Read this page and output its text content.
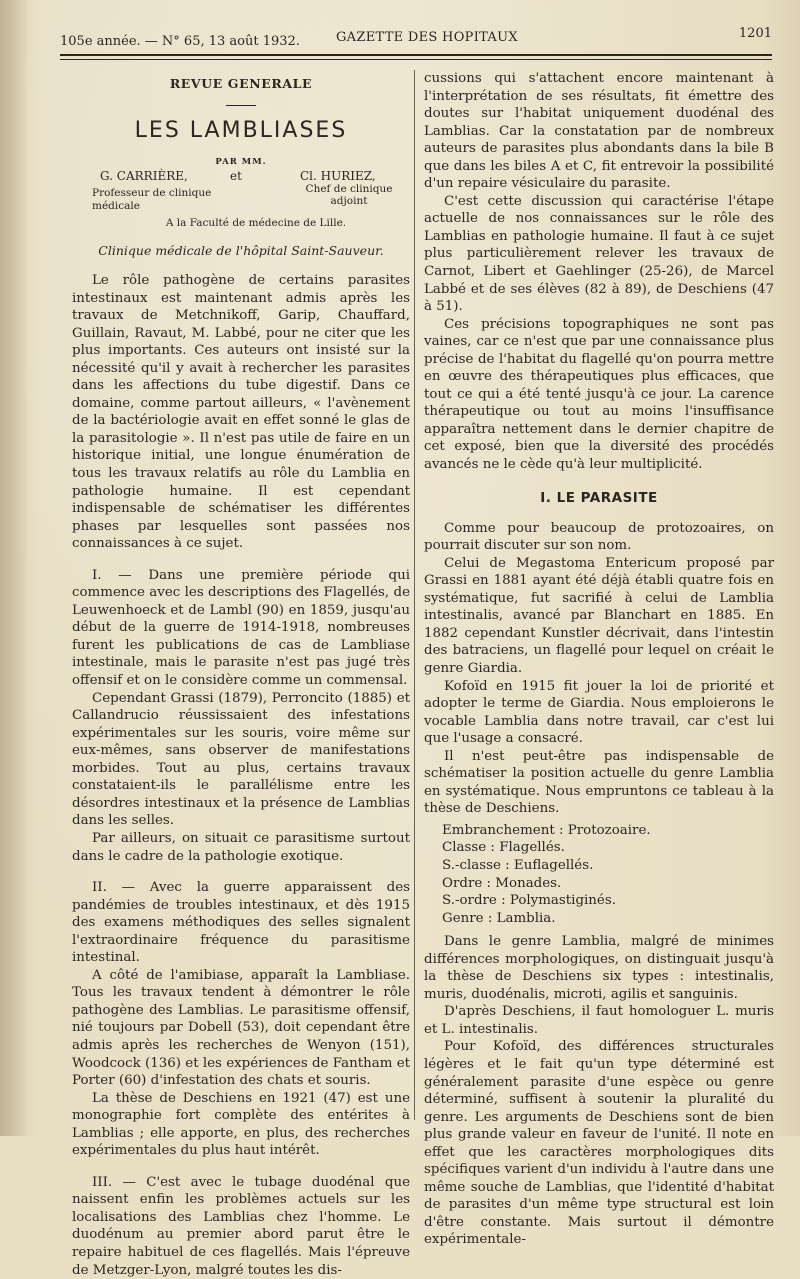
105e année. — N° 65, 13 août 1932.	GAZETTE DES HOPITAUX	1201
REVUE GENERALE
LES LAMBLIASES
PAR MM.
G. CARRIÈRE,	et	Cl. HURIEZ,
Professeur de clinique médicale
Chef de clinique adjoint
A la Faculté de médecine de Lille.
Clinique médicale de l'hôpital Saint-Sauveur.

Le rôle pathogène de certains parasites intestinaux est maintenant admis après les travaux de Metchnikoff, Garip, Chauffard, Guillain, Ravaut, M. Labbé, pour ne citer que les plus importants. Ces auteurs ont insisté sur la nécessité qu'il y avait à rechercher les parasites dans les affections du tube digestif. Dans ce domaine, comme partout ailleurs, « l'avènement de la bactériologie avait en effet sonné le glas de la parasitologie ». Il n'est pas utile de faire en un historique initial, une longue énumération de tous les travaux relatifs au rôle du Lamblia en pathologie humaine. Il est cependant indispensable de schématiser les différentes phases par lesquelles sont passées nos connaissances à ce sujet.

I. — Dans une première période qui commence avec les descriptions des Flagellés, de Leuwenhoeck et de Lambl (90) en 1859, jusqu'au début de la guerre de 1914-1918, nombreuses furent les publications de cas de Lambliase intestinale, mais le parasite n'est pas jugé très offensif et on le considère comme un commensal.

Cependant Grassi (1879), Perroncito (1885) et Callandrucio réussissaient des infestations expérimentales sur les souris, voire même sur eux-mêmes, sans observer de manifestations morbides. Tout au plus, certains travaux constataient-ils le parallélisme entre les désordres intestinaux et la présence de Lamblias dans les selles.

Par ailleurs, on situait ce parasitisme surtout dans le cadre de la pathologie exotique.

II. — Avec la guerre apparaissent des pandémies de troubles intestinaux, et dès 1915 des examens méthodiques des selles signalent l'extraordinaire fréquence du parasitisme intestinal.

A côté de l'amibiase, apparaît la Lambliase. Tous les travaux tendent à démontrer le rôle pathogène des Lamblias. Le parasitisme offensif, nié toujours par Dobell (53), doit cependant être admis après les recherches de Wenyon (151), Woodcock (136) et les expériences de Fantham et Porter (60) d'infestation des chats et souris.

La thèse de Deschiens en 1921 (47) est une monographie fort complète des entérites à Lamblias ; elle apporte, en plus, des recherches expérimentales du plus haut intérêt.

III. — C'est avec le tubage duodénal que naissent enfin les problèmes actuels sur les localisations des Lamblias chez l'homme. Le duodénum au premier abord parut être le repaire habituel de ces flagellés. Mais l'épreuve de Metzger-Lyon, malgré toutes les dis-

cussions qui s'attachent encore maintenant à l'interprétation de ses résultats, fit émettre des doutes sur l'habitat uniquement duodénal des Lamblias. Car la constatation par de nombreux auteurs de parasites plus abondants dans la bile B que dans les biles A et C, fit entrevoir la possibilité d'un repaire vésiculaire du parasite.

C'est cette discussion qui caractérise l'étape actuelle de nos connaissances sur le rôle des Lamblias en pathologie humaine. Il faut à ce sujet plus particulièrement relever les travaux de Carnot, Libert et Gaehlinger (25-26), de Marcel Labbé et de ses élèves (82 à 89), de Deschiens (47 à 51).

Ces précisions topographiques ne sont pas vaines, car ce n'est que par une connaissance plus précise de l'habitat du flagellé qu'on pourra mettre en œuvre des thérapeutiques plus efficaces, que tout ce qui a été tenté jusqu'à ce jour. La carence thérapeutique ou tout au moins l'insuffisance apparaîtra nettement dans le dernier chapitre de cet exposé, bien que la diversité des procédés avancés ne le cède qu'à leur multiplicité.

I. LE PARASITE

Comme pour beaucoup de protozoaires, on pourrait discuter sur son nom.

Celui de Megastoma Entericum proposé par Grassi en 1881 ayant été déjà établi quatre fois en systématique, fut sacrifié à celui de Lamblia intestinalis, avancé par Blanchart en 1885. En 1882 cependant Kunstler décrivait, dans l'intestin des batraciens, un flagellé pour lequel on créait le genre Giardia.

Kofoïd en 1915 fit jouer la loi de priorité et adopter le terme de Giardia. Nous emploierons le vocable Lamblia dans notre travail, car c'est lui que l'usage a consacré.

Il n'est peut-être pas indispensable de schématiser la position actuelle du genre Lamblia en systématique. Nous empruntons ce tableau à la thèse de Deschiens.

Embranchement : Protozoaire.
Classe : Flagellés.
S.-classe : Euflagellés.
Ordre : Monades.
S.-ordre : Polymastiginés.
Genre : Lamblia.

Dans le genre Lamblia, malgré de minimes différences morphologiques, on distinguait jusqu'à la thèse de Deschiens six types : intestinalis, muris, duodénalis, microti, agilis et sanguinis.

D'après Deschiens, il faut homologuer L. muris et L. intestinalis.

Pour Kofoïd, des différences structurales légères et le fait qu'un type déterminé est généralement parasite d'une espèce ou genre déterminé, suffisent à soutenir la pluralité du genre. Les arguments de Deschiens sont de bien plus grande valeur en faveur de l'unité. Il note en effet que les caractères morphologiques dits spécifiques varient d'un individu à l'autre dans une même souche de Lamblias, que l'identité d'habitat de parasites d'un même type structural est loin d'être constante. Mais surtout il démontre expérimentale-
